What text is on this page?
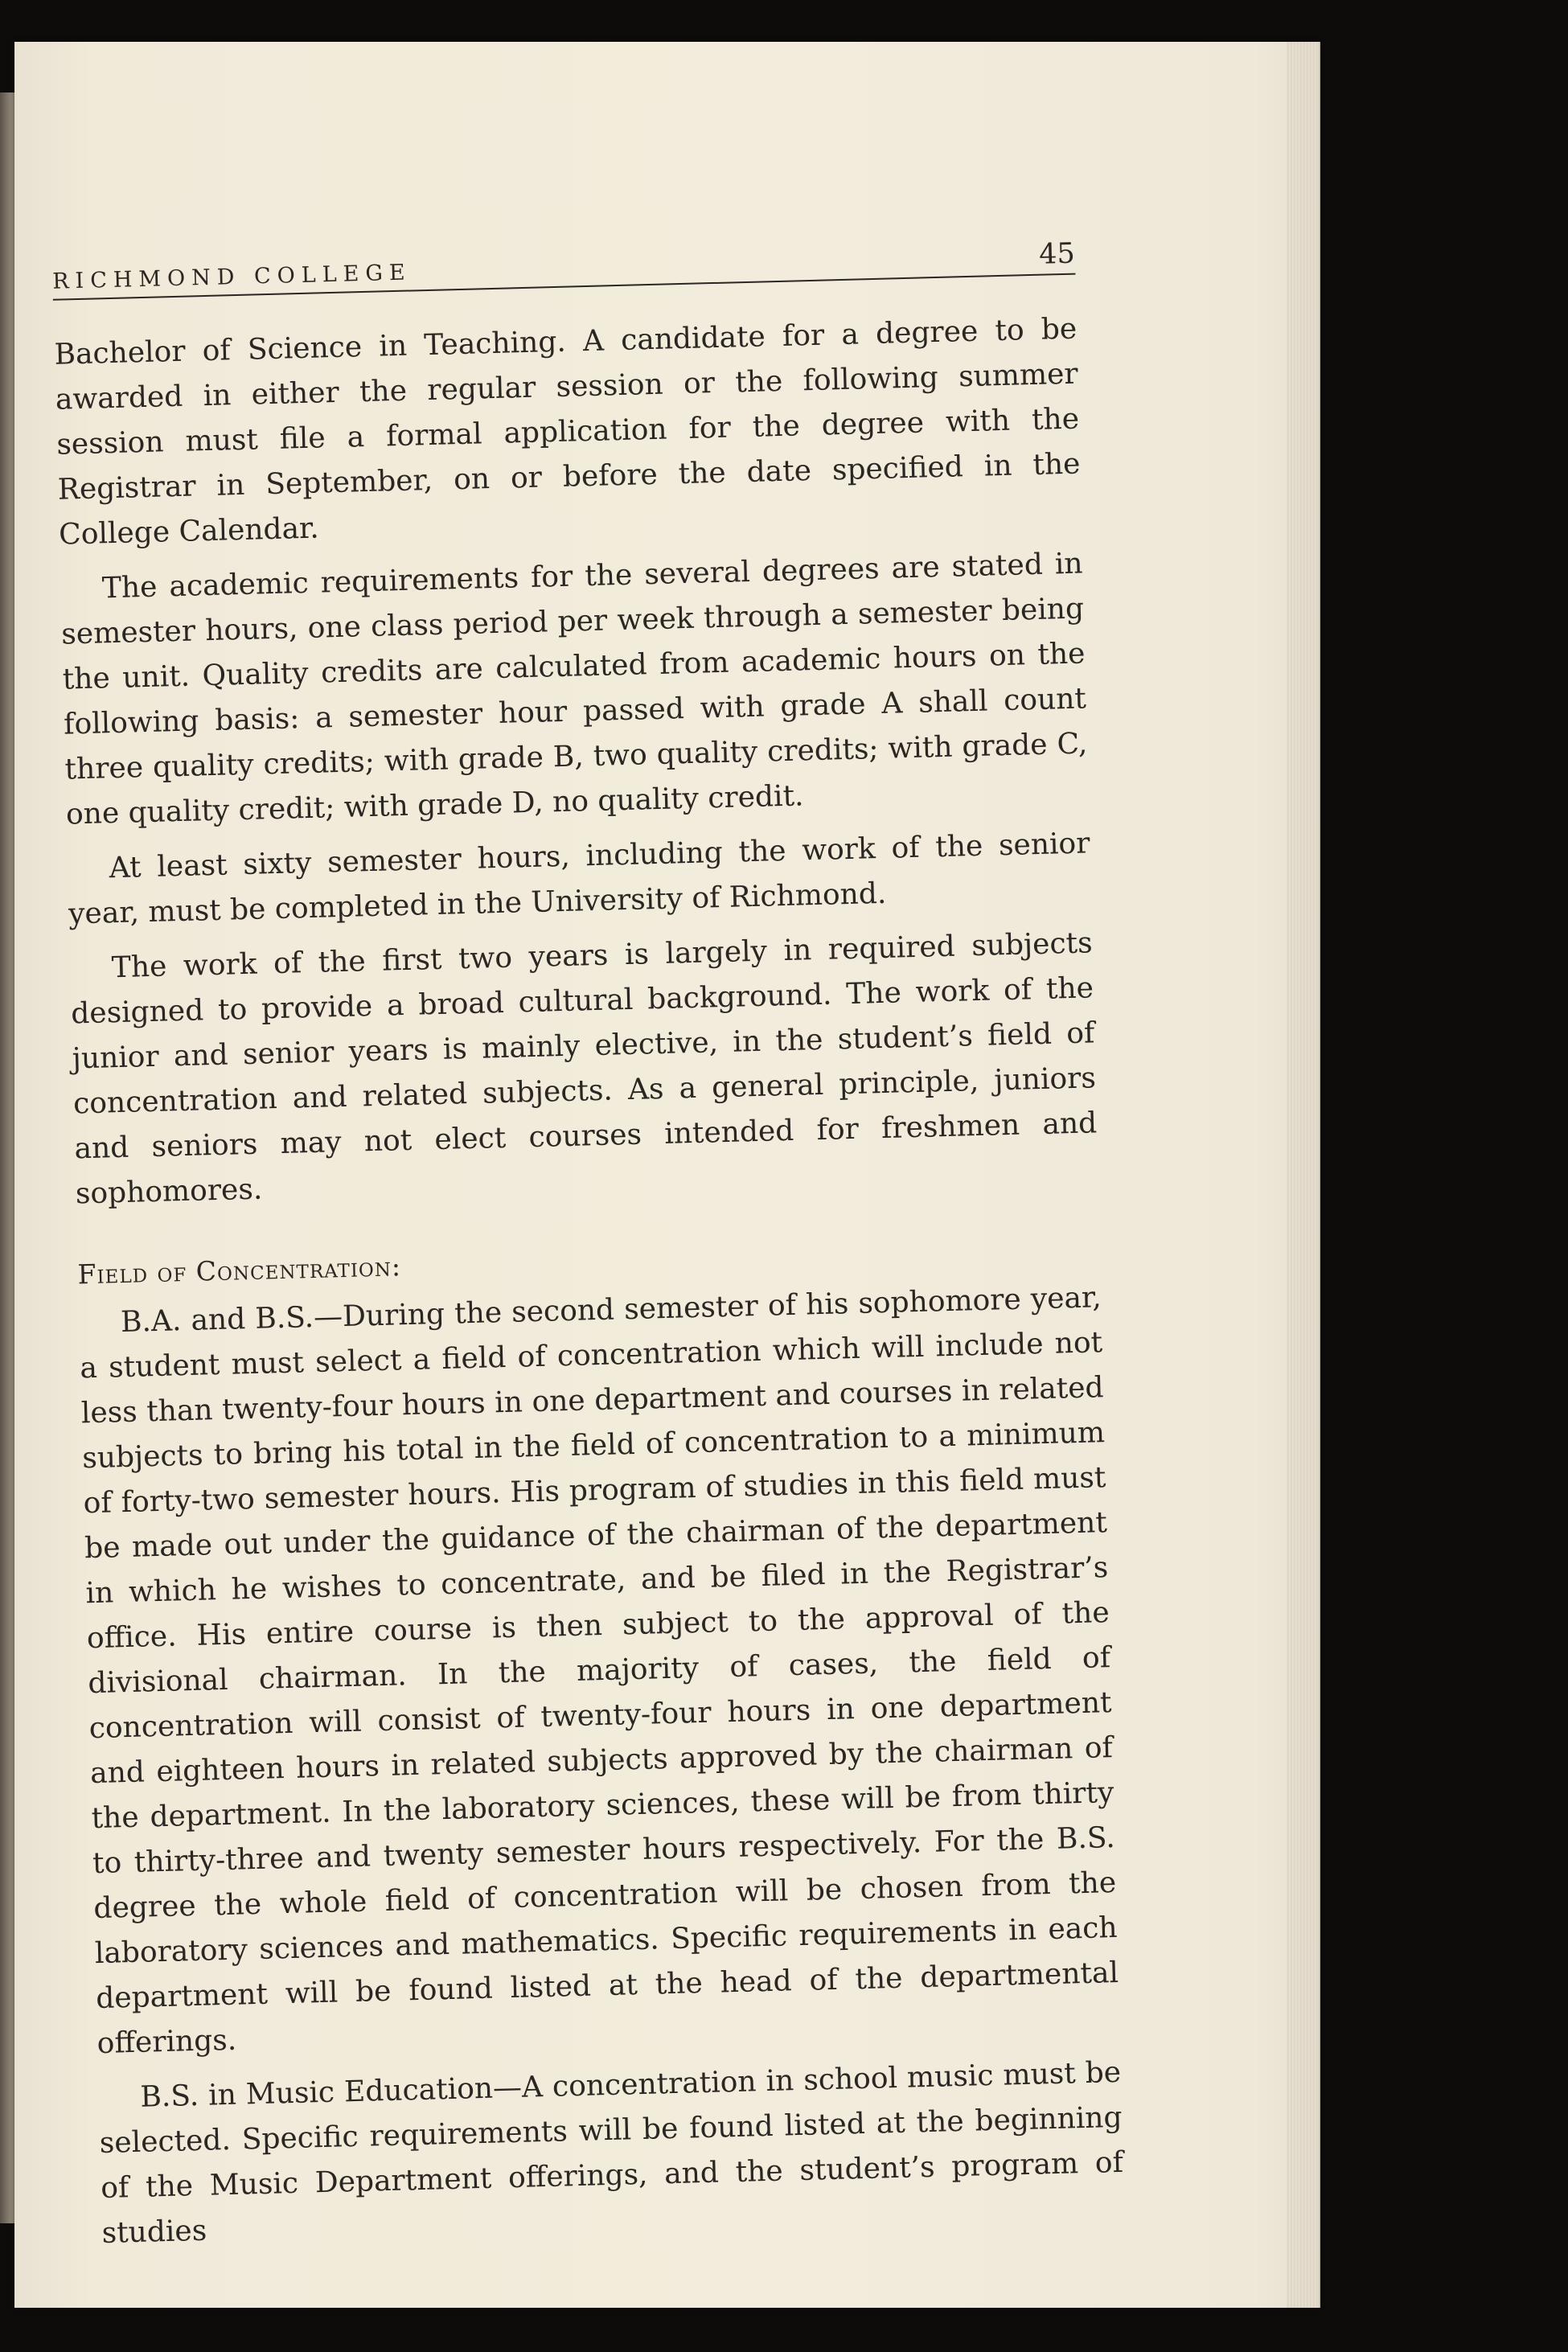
RICHMOND COLLEGE
45

Bachelor of Science in Teaching. A candidate for a degree to be awarded in either the regular session or the following summer session must file a formal application for the degree with the Registrar in September, on or before the date specified in the College Calendar.

The academic requirements for the several degrees are stated in semester hours, one class period per week through a semester being the unit. Quality credits are calculated from academic hours on the following basis: a semester hour passed with grade A shall count three quality credits; with grade B, two quality credits; with grade C, one quality credit; with grade D, no quality credit.

At least sixty semester hours, including the work of the senior year, must be completed in the University of Richmond.

The work of the first two years is largely in required subjects designed to provide a broad cultural background. The work of the junior and senior years is mainly elective, in the student’s field of concentration and related subjects. As a general principle, juniors and seniors may not elect courses intended for freshmen and sophomores.

Field of Concentration:

B.A. and B.S.—During the second semester of his sophomore year, a student must select a field of concentration which will include not less than twenty-four hours in one department and courses in related subjects to bring his total in the field of concentration to a minimum of forty-two semester hours. His program of studies in this field must be made out under the guidance of the chairman of the department in which he wishes to concentrate, and be filed in the Registrar’s office. His entire course is then subject to the approval of the divisional chairman. In the majority of cases, the field of concentration will consist of twenty-four hours in one department and eighteen hours in related subjects approved by the chairman of the department. In the laboratory sciences, these will be from thirty to thirty-three and twenty semester hours respectively. For the B.S. degree the whole field of concentration will be chosen from the laboratory sciences and mathematics. Specific requirements in each department will be found listed at the head of the departmental offerings.

B.S. in Music Education—A concentration in school music must be selected. Specific requirements will be found listed at the beginning of the Music Department offerings, and the student’s program of studies
